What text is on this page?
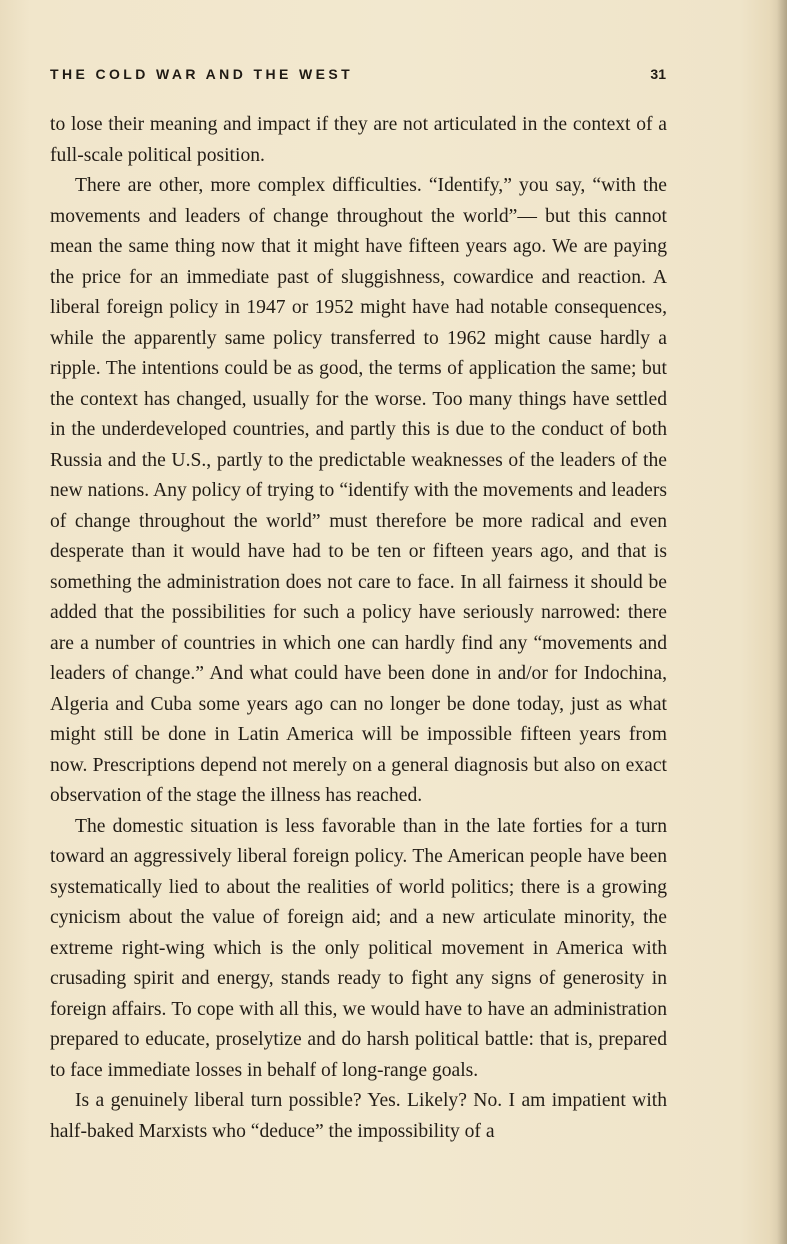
THE COLD WAR AND THE WEST	31

to lose their meaning and impact if they are not articulated in the context of a full-scale political position.

There are other, more complex difficulties. “Identify,” you say, “with the movements and leaders of change throughout the world”— but this cannot mean the same thing now that it might have fifteen years ago. We are paying the price for an immediate past of sluggishness, cowardice and reaction. A liberal foreign policy in 1947 or 1952 might have had notable consequences, while the apparently same policy transferred to 1962 might cause hardly a ripple. The intentions could be as good, the terms of application the same; but the context has changed, usually for the worse. Too many things have settled in the underdeveloped countries, and partly this is due to the conduct of both Russia and the U.S., partly to the predictable weaknesses of the leaders of the new nations. Any policy of trying to “identify with the movements and leaders of change throughout the world” must therefore be more radical and even desperate than it would have had to be ten or fifteen years ago, and that is something the administration does not care to face. In all fairness it should be added that the possibilities for such a policy have seriously narrowed: there are a number of countries in which one can hardly find any “movements and leaders of change.” And what could have been done in and/or for Indochina, Algeria and Cuba some years ago can no longer be done today, just as what might still be done in Latin America will be impossible fifteen years from now. Prescriptions depend not merely on a general diagnosis but also on exact observation of the stage the illness has reached.

The domestic situation is less favorable than in the late forties for a turn toward an aggressively liberal foreign policy. The American people have been systematically lied to about the realities of world politics; there is a growing cynicism about the value of foreign aid; and a new articulate minority, the extreme right-wing which is the only political movement in America with crusading spirit and energy, stands ready to fight any signs of generosity in foreign affairs. To cope with all this, we would have to have an administration prepared to educate, proselytize and do harsh political battle: that is, prepared to face immediate losses in behalf of long-range goals.

Is a genuinely liberal turn possible? Yes. Likely? No. I am impatient with half-baked Marxists who “deduce” the impossibility of a
